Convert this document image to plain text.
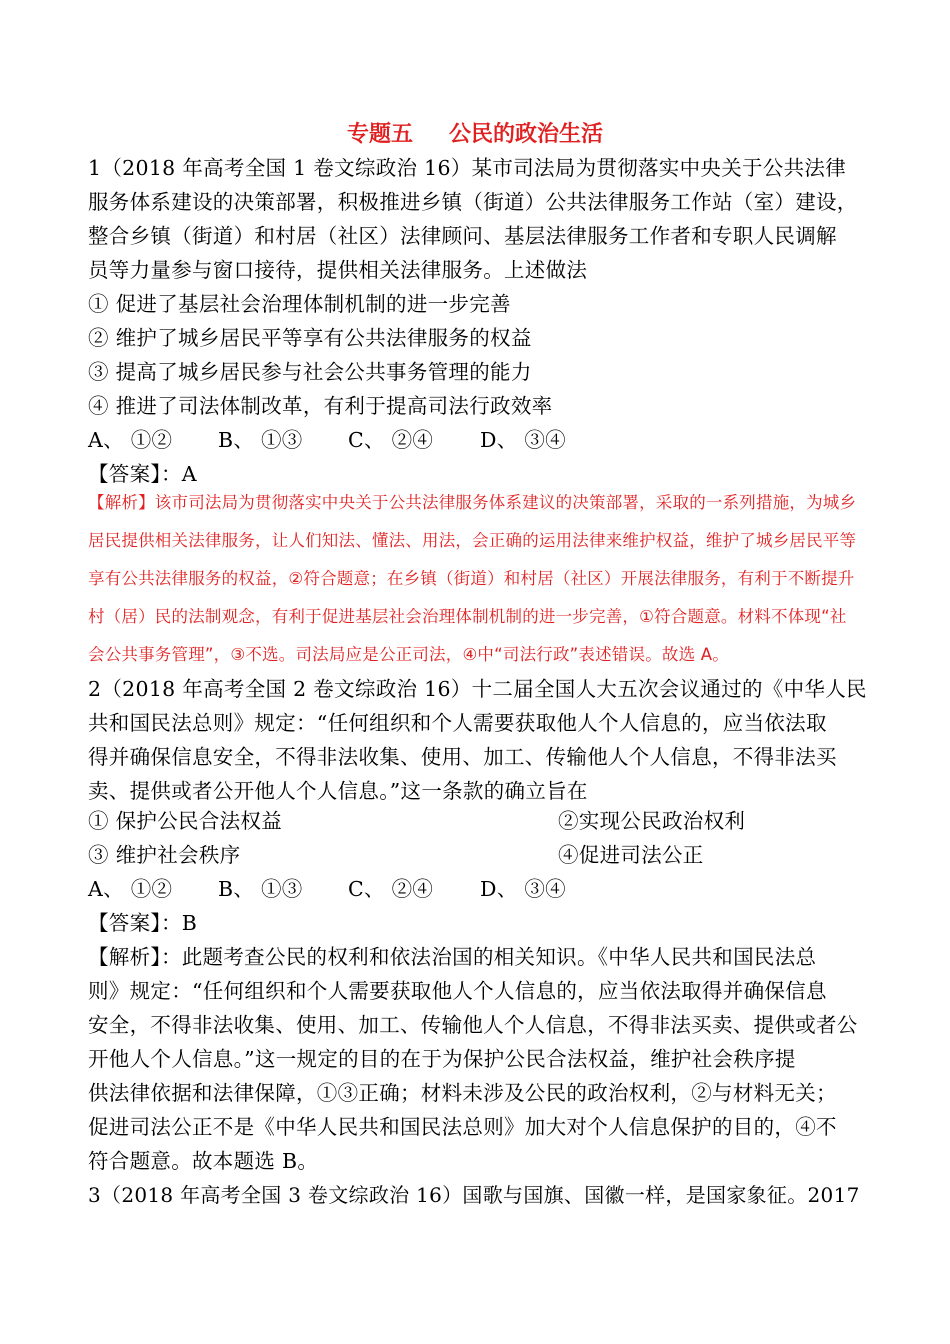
专题五 公民的政治生活
1（2018 年高考全国 1 卷文综政治 16）某市司法局为贯彻落实中央关于公共法律
服务体系建设的决策部署，积极推进乡镇（街道）公共法律服务工作站（室）建设，
整合乡镇（街道）和村居（社区）法律顾问、基层法律服务工作者和专职人民调解
员等力量参与窗口接待，提供相关法律服务。上述做法
① 促进了基层社会治理体制机制的进一步完善
② 维护了城乡居民平等享有公共法律服务的权益
③ 提高了城乡居民参与社会公共事务管理的能力
④ 推进了司法体制改革，有利于提高司法行政效率
A、 ①② B、 ①③ C、 ②④ D、 ③④
【答案】：A
【解析】该市司法局为贯彻落实中央关于公共法律服务体系建议的决策部署，采取的一系列措施，为城乡
居民提供相关法律服务，让人们知法、懂法、用法，会正确的运用法律来维护权益，维护了城乡居民平等
享有公共法律服务的权益，②符合题意；在乡镇（街道）和村居（社区）开展法律服务，有利于不断提升
村（居）民的法制观念，有利于促进基层社会治理体制机制的进一步完善，①符合题意。材料不体现“社
会公共事务管理”，③不选。司法局应是公正司法，④中“司法行政”表述错误。故选 A。
2（2018 年高考全国 2 卷文综政治 16）十二届全国人大五次会议通过的《中华人民
共和国民法总则》规定：“任何组织和个人需要获取他人个人信息的，应当依法取
得并确保信息安全，不得非法收集、使用、加工、传输他人个人信息，不得非法买
卖、提供或者公开他人个人信息。”这一条款的确立旨在
① 保护公民合法权益	②实现公民政治权利
③ 维护社会秩序	④促进司法公正
A、 ①② B、 ①③ C、 ②④ D、 ③④
【答案】：B
【解析】：此题考查公民的权利和依法治国的相关知识。《中华人民共和国民法总
则》规定：“任何组织和个人需要获取他人个人信息的，应当依法取得并确保信息
安全，不得非法收集、使用、加工、传输他人个人信息，不得非法买卖、提供或者公
开他人个人信息。”这一规定的目的在于为保护公民合法权益，维护社会秩序提
供法律依据和法律保障，①③正确；材料未涉及公民的政治权利，②与材料无关；
促进司法公正不是《中华人民共和国民法总则》加大对个人信息保护的目的，④不
符合题意。故本题选 B。
3（2018 年高考全国 3 卷文综政治 16）国歌与国旗、国徽一样，是国家象征。2017
